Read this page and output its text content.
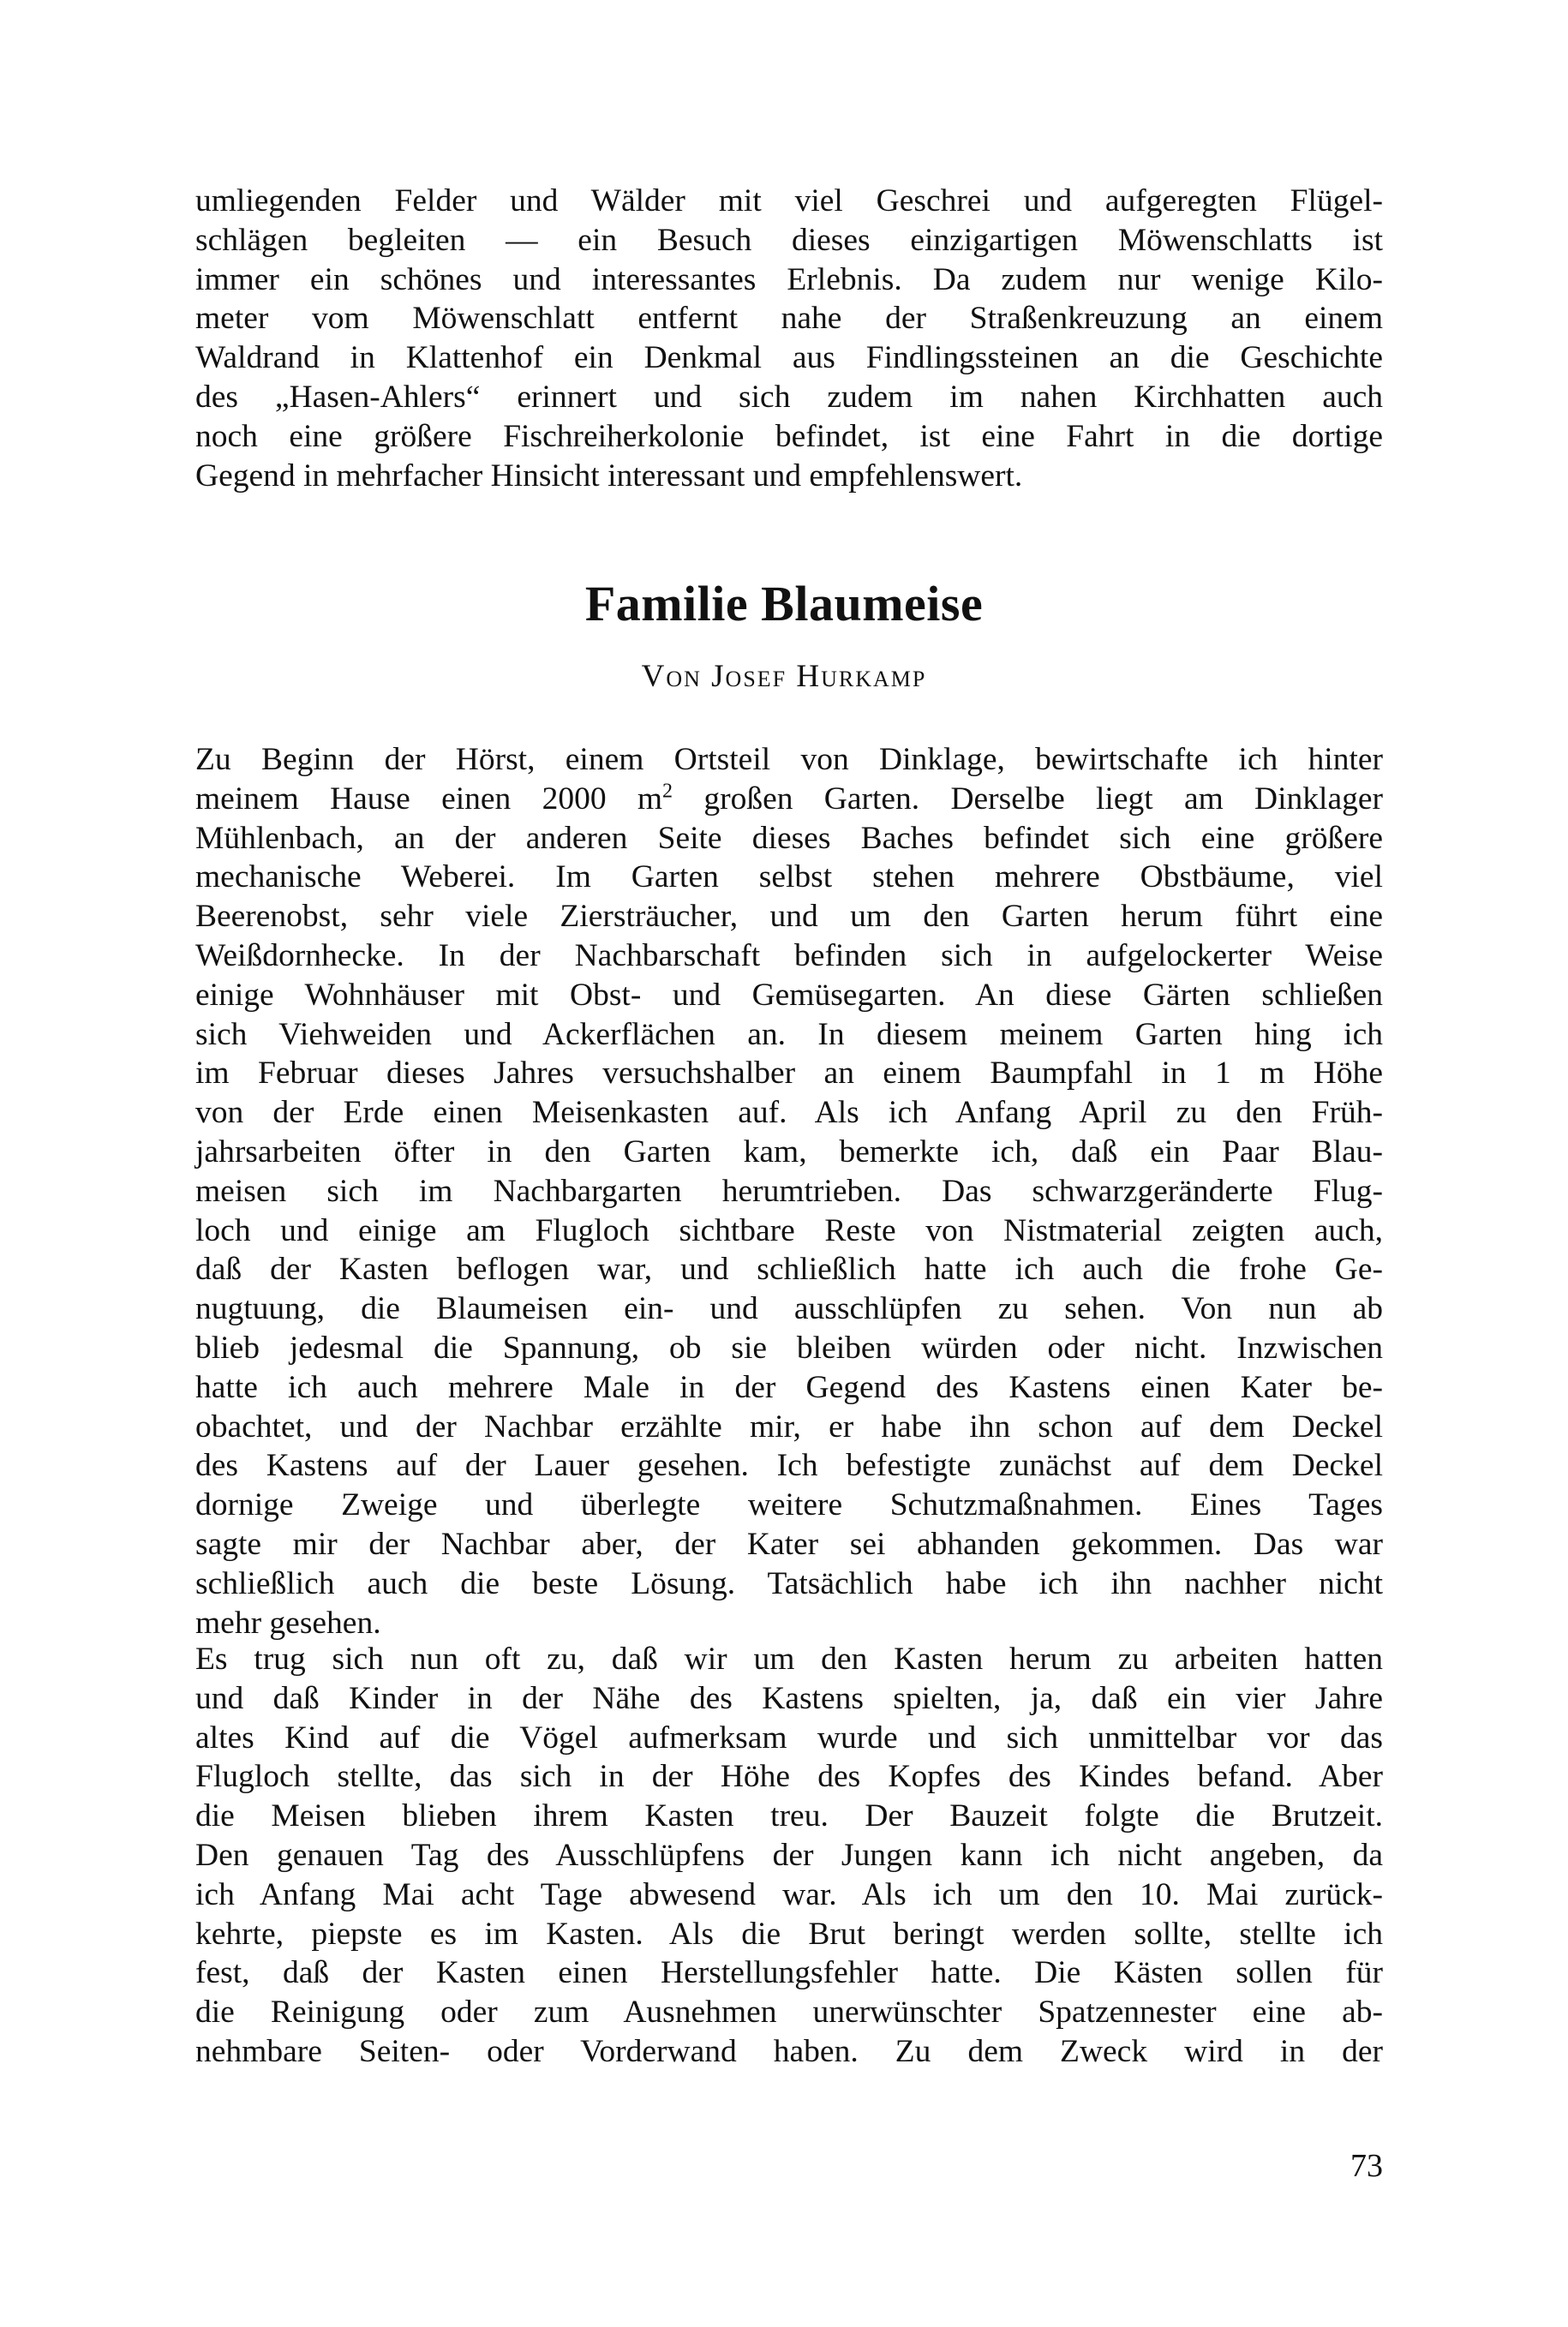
umliegenden Felder und Wälder mit viel Geschrei und aufgeregten Flügel-
schlägen begleiten — ein Besuch dieses einzigartigen Möwenschlatts ist
immer ein schönes und interessantes Erlebnis. Da zudem nur wenige Kilo-
meter vom Möwenschlatt entfernt nahe der Straßenkreuzung an einem
Waldrand in Klattenhof ein Denkmal aus Findlingssteinen an die Geschichte
des „Hasen-Ahlers“ erinnert und sich zudem im nahen Kirchhatten auch
noch eine größere Fischreiherkolonie befindet, ist eine Fahrt in die dortige
Gegend in mehrfacher Hinsicht interessant und empfehlenswert.
Familie Blaumeise
Von Josef Hurkamp
Zu Beginn der Hörst, einem Ortsteil von Dinklage, bewirtschafte ich hinter
meinem Hause einen 2000 $m^2$ großen Garten. Derselbe liegt am Dinklager
Mühlenbach, an der anderen Seite dieses Baches befindet sich eine größere
mechanische Weberei. Im Garten selbst stehen mehrere Obstbäume, viel
Beerenobst, sehr viele Ziersträucher, und um den Garten herum führt eine
Weißdornhecke. In der Nachbarschaft befinden sich in aufgelockerter Weise
einige Wohnhäuser mit Obst- und Gemüsegarten. An diese Gärten schließen
sich Viehweiden und Ackerflächen an. In diesem meinem Garten hing ich
im Februar dieses Jahres versuchshalber an einem Baumpfahl in 1 m Höhe
von der Erde einen Meisenkasten auf. Als ich Anfang April zu den Früh-
jahrsarbeiten öfter in den Garten kam, bemerkte ich, daß ein Paar Blau-
meisen sich im Nachbargarten herumtrieben. Das schwarzgeränderte Flug-
loch und einige am Flugloch sichtbare Reste von Nistmaterial zeigten auch,
daß der Kasten beflogen war, und schließlich hatte ich auch die frohe Ge-
nugtuung, die Blaumeisen ein- und ausschlüpfen zu sehen. Von nun ab
blieb jedesmal die Spannung, ob sie bleiben würden oder nicht. Inzwischen
hatte ich auch mehrere Male in der Gegend des Kastens einen Kater be-
obachtet, und der Nachbar erzählte mir, er habe ihn schon auf dem Deckel
des Kastens auf der Lauer gesehen. Ich befestigte zunächst auf dem Deckel
dornige Zweige und überlegte weitere Schutzmaßnahmen. Eines Tages
sagte mir der Nachbar aber, der Kater sei abhanden gekommen. Das war
schließlich auch die beste Lösung. Tatsächlich habe ich ihn nachher nicht
mehr gesehen.
Es trug sich nun oft zu, daß wir um den Kasten herum zu arbeiten hatten
und daß Kinder in der Nähe des Kastens spielten, ja, daß ein vier Jahre
altes Kind auf die Vögel aufmerksam wurde und sich unmittelbar vor das
Flugloch stellte, das sich in der Höhe des Kopfes des Kindes befand. Aber
die Meisen blieben ihrem Kasten treu. Der Bauzeit folgte die Brutzeit.
Den genauen Tag des Ausschlüpfens der Jungen kann ich nicht angeben, da
ich Anfang Mai acht Tage abwesend war. Als ich um den 10. Mai zurück-
kehrte, piepste es im Kasten. Als die Brut beringt werden sollte, stellte ich
fest, daß der Kasten einen Herstellungsfehler hatte. Die Kästen sollen für
die Reinigung oder zum Ausnehmen unerwünschter Spatzennester eine ab-
nehmbare Seiten- oder Vorderwand haben. Zu dem Zweck wird in der
73
